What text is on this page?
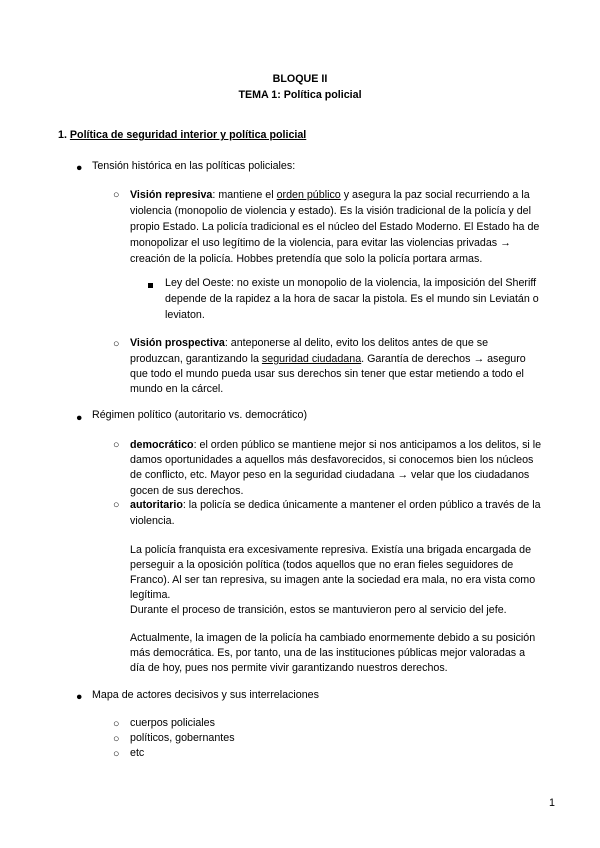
BLOQUE II
TEMA 1: Política policial
1. Política de seguridad interior y política policial
● Tensión histórica en las políticas policiales:
○ Visión represiva: mantiene el orden público y asegura la paz social recurriendo a la
violencia (monopolio de violencia y estado). Es la visión tradicional de la policía y del
propio Estado. La policía tradicional es el núcleo del Estado Moderno. El Estado ha de
monopolizar el uso legítimo de la violencia, para evitar las violencias privadas →
creación de la policía. Hobbes pretendía que solo la policía portara armas.
Ley del Oeste: no existe un monopolio de la violencia, la imposición del Sheriff
depende de la rapidez a la hora de sacar la pistola. Es el mundo sin Leviatán o
leviaton.
○ Visión prospectiva: anteponerse al delito, evito los delitos antes de que se
produzcan, garantizando la seguridad ciudadana. Garantía de derechos → aseguro
que todo el mundo pueda usar sus derechos sin tener que estar metiendo a todo el
mundo en la cárcel.
● Régimen político (autoritario vs. democrático)
○ democrático: el orden público se mantiene mejor si nos anticipamos a los delitos, si le
damos oportunidades a aquellos más desfavorecidos, si conocemos bien los núcleos
de conflicto, etc. Mayor peso en la seguridad ciudadana → velar que los ciudadanos
gocen de sus derechos.
○ autoritario: la policía se dedica únicamente a mantener el orden público a través de la
violencia.
La policía franquista era excesivamente represiva. Existía una brigada encargada de
perseguir a la oposición política (todos aquellos que no eran fieles seguidores de
Franco). Al ser tan represiva, su imagen ante la sociedad era mala, no era vista como
legítima.
Durante el proceso de transición, estos se mantuvieron pero al servicio del jefe.
Actualmente, la imagen de la policía ha cambiado enormemente debido a su posición
más democrática. Es, por tanto, una de las instituciones públicas mejor valoradas a
día de hoy, pues nos permite vivir garantizando nuestros derechos.
● Mapa de actores decisivos y sus interrelaciones
○ cuerpos policiales
○ políticos, gobernantes
○ etc
1
